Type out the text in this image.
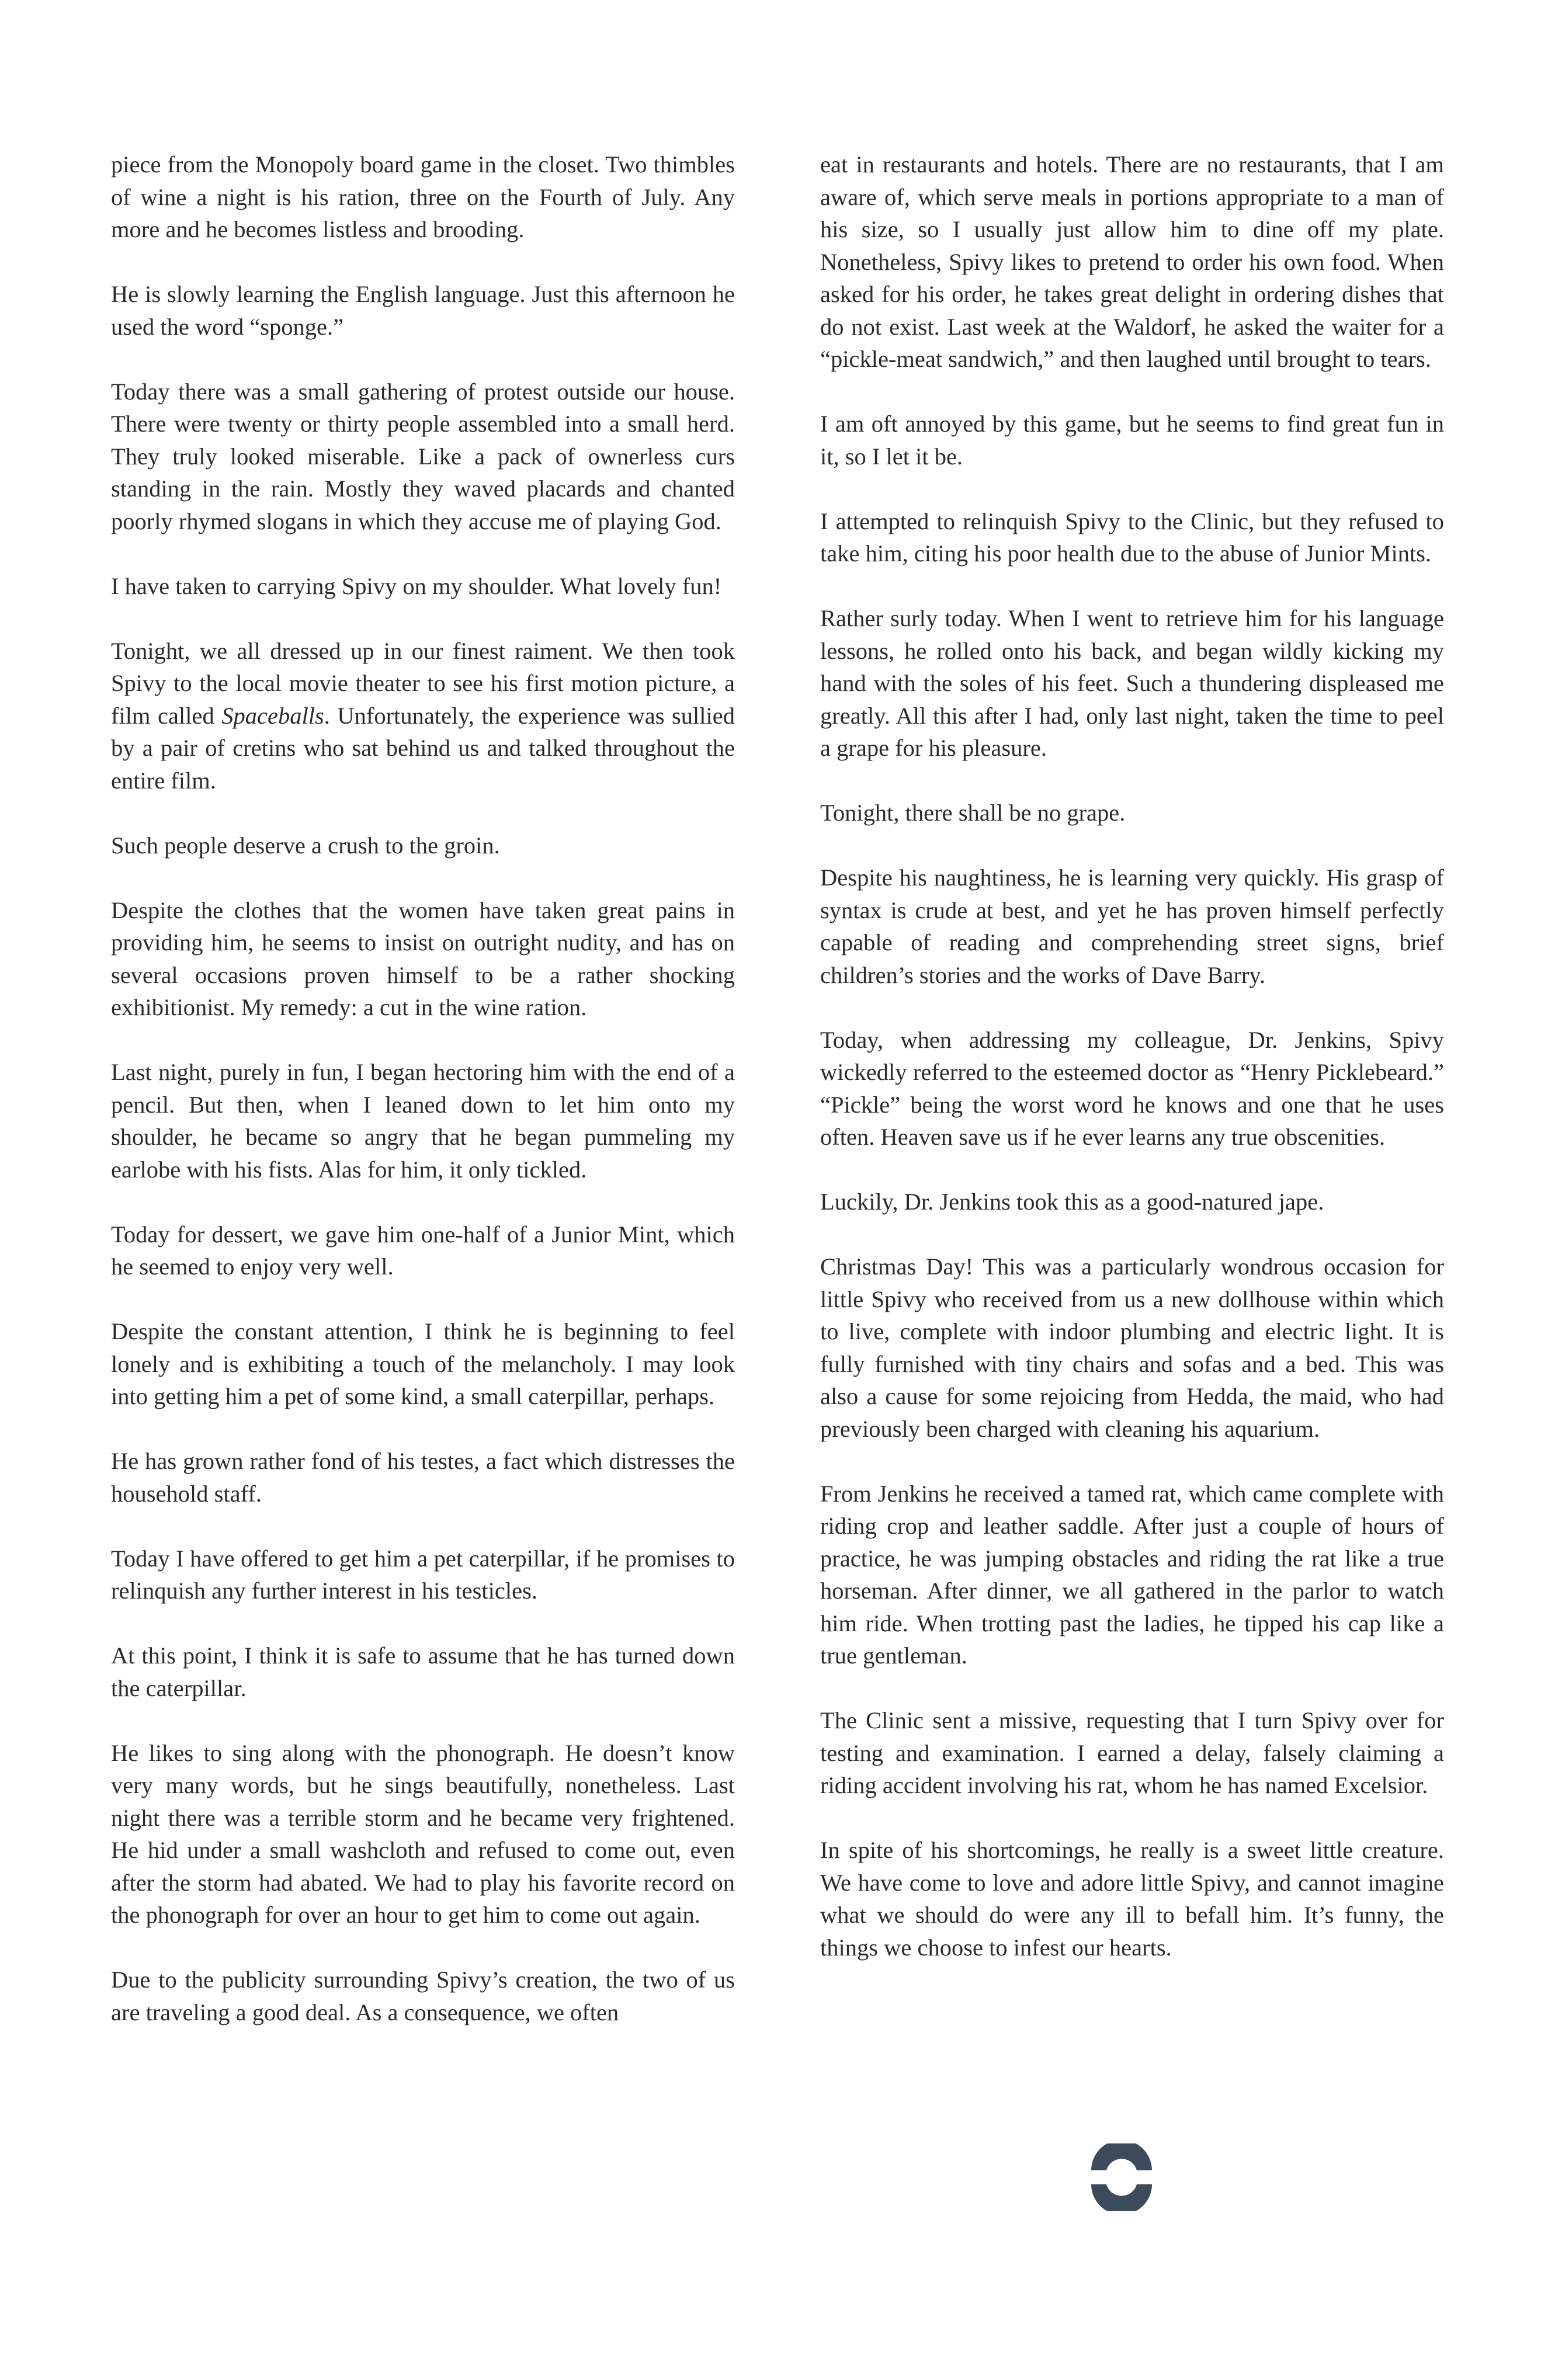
piece from the Monopoly board game in the closet. Two thimbles of wine a night is his ration, three on the Fourth of July. Any more and he becomes listless and brooding.

He is slowly learning the English language. Just this afternoon he used the word “sponge.”

Today there was a small gathering of protest outside our house. There were twenty or thirty people assembled into a small herd. They truly looked miserable. Like a pack of ownerless curs standing in the rain. Mostly they waved placards and chanted poorly rhymed slogans in which they accuse me of playing God.

I have taken to carrying Spivy on my shoulder. What lovely fun!

Tonight, we all dressed up in our finest raiment. We then took Spivy to the local movie theater to see his first motion picture, a film called Spaceballs. Unfortunately, the experience was sullied by a pair of cretins who sat behind us and talked throughout the entire film.

Such people deserve a crush to the groin.

Despite the clothes that the women have taken great pains in providing him, he seems to insist on outright nudity, and has on several occasions proven himself to be a rather shocking exhibitionist. My remedy: a cut in the wine ration.

Last night, purely in fun, I began hectoring him with the end of a pencil. But then, when I leaned down to let him onto my shoulder, he became so angry that he began pummeling my earlobe with his fists. Alas for him, it only tickled.

Today for dessert, we gave him one-half of a Junior Mint, which he seemed to enjoy very well.

Despite the constant attention, I think he is beginning to feel lonely and is exhibiting a touch of the melancholy. I may look into getting him a pet of some kind, a small caterpillar, perhaps.

He has grown rather fond of his testes, a fact which distresses the household staff.

Today I have offered to get him a pet caterpillar, if he promises to relinquish any further interest in his testicles.

At this point, I think it is safe to assume that he has turned down the caterpillar.

He likes to sing along with the phonograph. He doesn’t know very many words, but he sings beautifully, nonetheless. Last night there was a terrible storm and he became very frightened. He hid under a small washcloth and refused to come out, even after the storm had abated. We had to play his favorite record on the phonograph for over an hour to get him to come out again.

Due to the publicity surrounding Spivy’s creation, the two of us are traveling a good deal. As a consequence, we often

eat in restaurants and hotels. There are no restaurants, that I am aware of, which serve meals in portions appropriate to a man of his size, so I usually just allow him to dine off my plate. Nonetheless, Spivy likes to pretend to order his own food. When asked for his order, he takes great delight in ordering dishes that do not exist. Last week at the Waldorf, he asked the waiter for a “pickle-meat sandwich,” and then laughed until brought to tears.

I am oft annoyed by this game, but he seems to find great fun in it, so I let it be.

I attempted to relinquish Spivy to the Clinic, but they refused to take him, citing his poor health due to the abuse of Junior Mints.

Rather surly today. When I went to retrieve him for his language lessons, he rolled onto his back, and began wildly kicking my hand with the soles of his feet. Such a thundering displeased me greatly. All this after I had, only last night, taken the time to peel a grape for his pleasure.

Tonight, there shall be no grape.

Despite his naughtiness, he is learning very quickly. His grasp of syntax is crude at best, and yet he has proven himself perfectly capable of reading and comprehending street signs, brief children’s stories and the works of Dave Barry.

Today, when addressing my colleague, Dr. Jenkins, Spivy wickedly referred to the esteemed doctor as “Henry Picklebeard.” “Pickle” being the worst word he knows and one that he uses often. Heaven save us if he ever learns any true obscenities.

Luckily, Dr. Jenkins took this as a good-natured jape.

Christmas Day! This was a particularly wondrous occasion for little Spivy who received from us a new dollhouse within which to live, complete with indoor plumbing and electric light. It is fully furnished with tiny chairs and sofas and a bed. This was also a cause for some rejoicing from Hedda, the maid, who had previously been charged with cleaning his aquarium.

From Jenkins he received a tamed rat, which came complete with riding crop and leather saddle. After just a couple of hours of practice, he was jumping obstacles and riding the rat like a true horseman. After dinner, we all gathered in the parlor to watch him ride. When trotting past the ladies, he tipped his cap like a true gentleman.

The Clinic sent a missive, requesting that I turn Spivy over for testing and examination. I earned a delay, falsely claiming a riding accident involving his rat, whom he has named Excelsior.

In spite of his shortcomings, he really is a sweet little creature. We have come to love and adore little Spivy, and cannot imagine what we should do were any ill to befall him. It’s funny, the things we choose to infest our hearts.
